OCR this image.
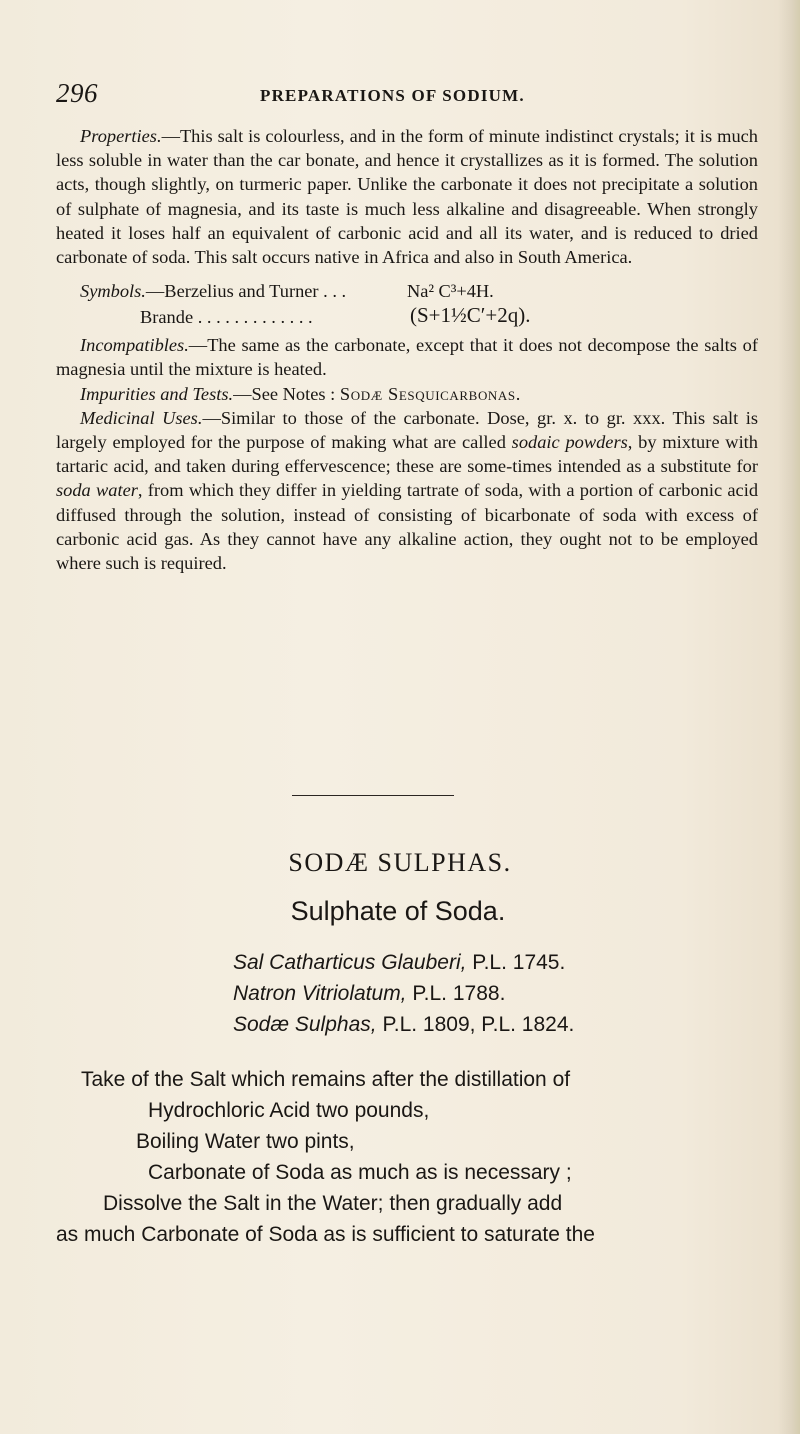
296	PREPARATIONS OF SODIUM.

Properties.—This salt is colourless, and in the form of minute indistinct crystals; it is much less soluble in water than the car bonate, and hence it crystallizes as it is formed. The solution acts, though slightly, on turmeric paper. Unlike the carbonate it does not precipitate a solution of sulphate of magnesia, and its taste is much less alkaline and disagreeable. When strongly heated it loses half an equivalent of carbonic acid and all its water, and is reduced to dried carbonate of soda. This salt occurs native in Africa and also in South America.

Symbols.—Berzelius and Turner . . .	Na² C³+4H.
Brande . . . . . . . . . . . . .	(S+1½C′+2q).

Incompatibles.—The same as the carbonate, except that it does not decompose the salts of magnesia until the mixture is heated.

Impurities and Tests.—See Notes : Sodæ Sesquicarbonas.

Medicinal Uses.—Similar to those of the carbonate. Dose, gr. x. to gr. xxx. This salt is largely employed for the purpose of making what are called sodaic powders, by mixture with tartaric acid, and taken during effervescence; these are some-times intended as a substitute for soda water, from which they differ in yielding tartrate of soda, with a portion of carbonic acid diffused through the solution, instead of consisting of bicarbonate of soda with excess of carbonic acid gas. As they cannot have any alkaline action, they ought not to be employed where such is required.

SODÆ SULPHAS.
Sulphate of Soda.
Sal Catharticus Glauberi, P.L. 1745.
Natron Vitriolatum, P.L. 1788.
Sodæ Sulphas, P.L. 1809, P.L. 1824.
Take of the Salt which remains after the distillation of
Hydrochloric Acid two pounds,
Boiling Water two pints,
Carbonate of Soda as much as is necessary ;
Dissolve the Salt in the Water; then gradually add
as much Carbonate of Soda as is sufficient to saturate the
